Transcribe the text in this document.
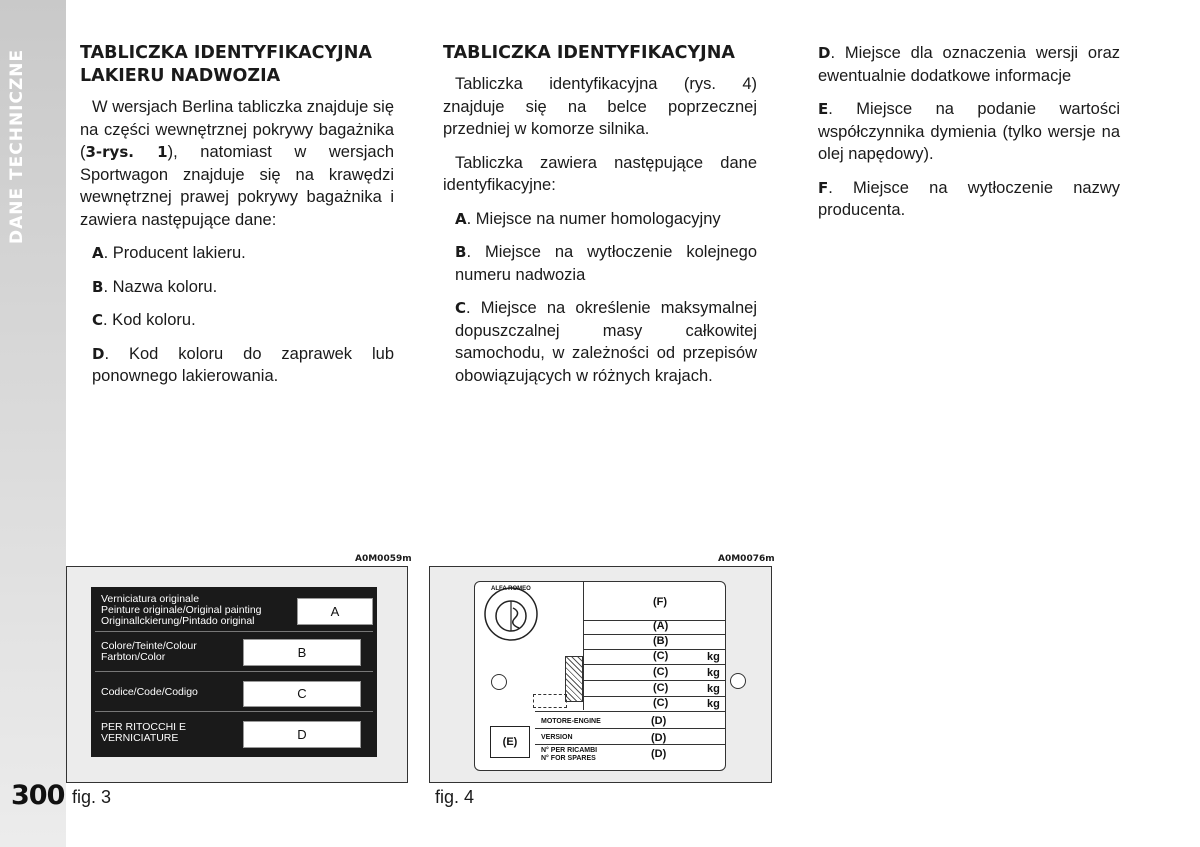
DANE TECHNICZNE
300
TABLICZKA IDENTYFIKACYJNA
LAKIERU NADWOZIA

W wersjach Berlina tabliczka znajduje się na części wewnętrznej pokrywy bagażnika (3-rys. 1), natomiast w wersjach Sportwagon znajduje się na krawędzi wewnętrznej prawej pokrywy bagażnika i zawiera następujące dane:

A. Producent lakieru.

B. Nazwa koloru.

C. Kod koloru.

D. Kod koloru do zaprawek lub ponownego lakierowania.

TABLICZKA IDENTYFIKACYJNA

Tabliczka identyfikacyjna (rys. 4) znajduje się na belce poprzecznej przedniej w komorze silnika.

Tabliczka zawiera następujące dane identyfikacyjne:

A. Miejsce na numer homologacyjny

B. Miejsce na wytłoczenie kolejnego numeru nadwozia

C. Miejsce na określenie maksymalnej dopuszczalnej masy całkowitej samochodu, w zależności od przepisów obowiązujących w różnych krajach.

D. Miejsce dla oznaczenia wersji oraz ewentualnie dodatkowe informacje

E. Miejsce na podanie wartości współczynnika dymienia (tylko wersje na olej napędowy).

F. Miejsce na wytłoczenie nazwy producenta.

A0M0059m
Verniciatura originale
Peinture originale/Original painting
Originallckierung/Pintado original
A
Colore/Teinte/Colour
Farbton/Color	B
Codice/Code/Codigo	C
PER RITOCCHI E
VERNICIATURE	D
fig. 3
A0M0076m
ALFA ROMEO
(F)
(A)
(B)
(C)	kg
(C)	kg
(C)	kg
(C)	kg
(E)
MOTORE-ENGINE	(D)
VERSION	(D)
N° PER RICAMBI
N° FOR SPARES	(D)
fig. 4
